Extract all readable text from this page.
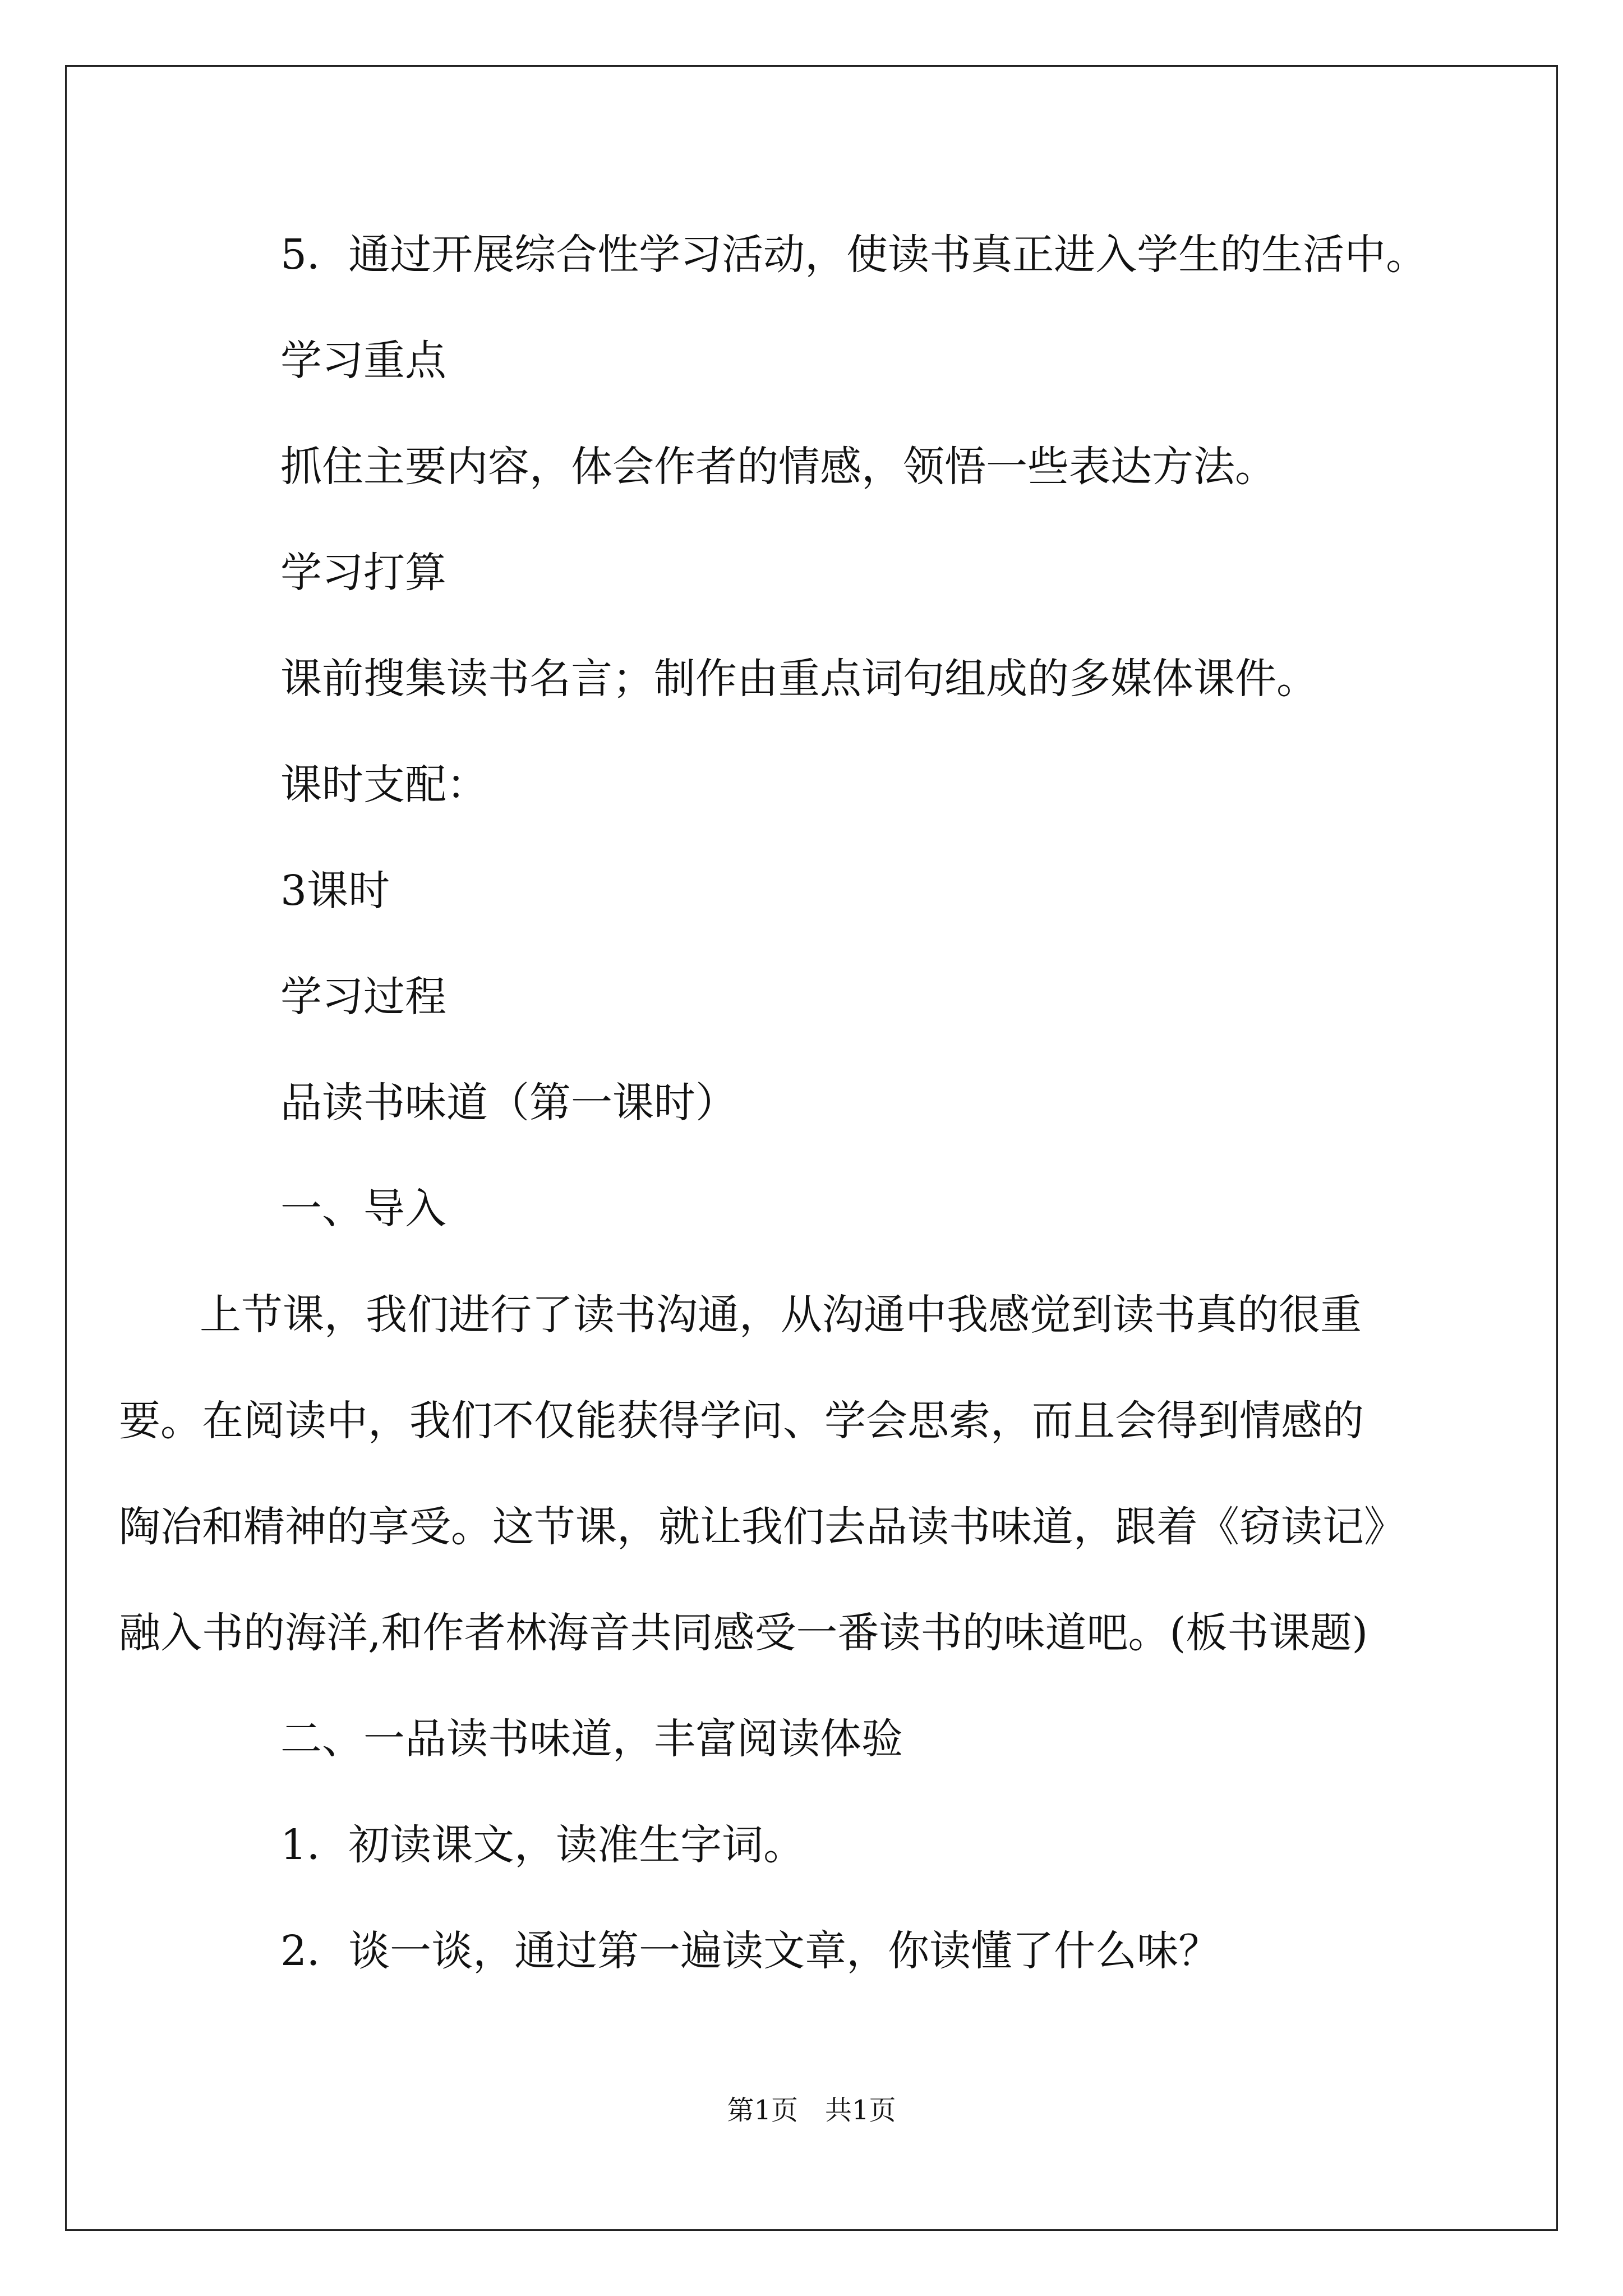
5．通过开展综合性学习活动，使读书真正进入学生的生活中。

学习重点

抓住主要内容，体会作者的情感，领悟一些表达方法。

学习打算

课前搜集读书名言；制作由重点词句组成的多媒体课件。

课时支配：

3课时

学习过程

品读书味道（第一课时）

一、导入

上节课，我们进行了读书沟通，从沟通中我感觉到读书真的很重
要。在阅读中，我们不仅能获得学问、学会思索，而且会得到情感的
陶冶和精神的享受。这节课，就让我们去品读书味道，跟着《窃读记》
融入书的海洋,和作者林海音共同感受一番读书的味道吧。(板书课题)

二、一品读书味道，丰富阅读体验

1．初读课文，读准生字词。

2．谈一谈，通过第一遍读文章，你读懂了什么味？

第1页 共1页
